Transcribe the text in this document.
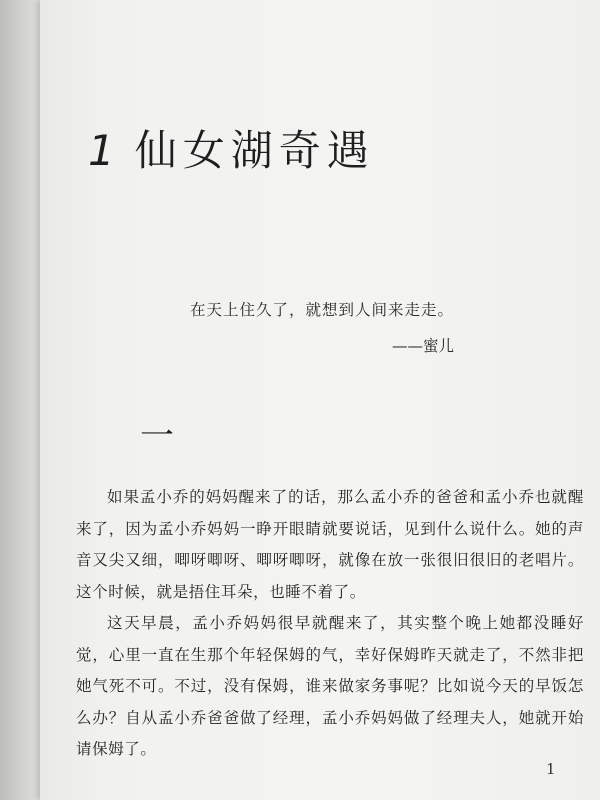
1 仙女湖奇遇
在天上住久了，就想到人间来走走。
——蜜儿
一

如果孟小乔的妈妈醒来了的话，那么孟小乔的爸爸和孟小乔也就醒来了，因为孟小乔妈妈一睁开眼睛就要说话，见到什么说什么。她的声音又尖又细，唧呀唧呀、唧呀唧呀，就像在放一张很旧很旧的老唱片。这个时候，就是捂住耳朵，也睡不着了。

这天早晨，孟小乔妈妈很早就醒来了，其实整个晚上她都没睡好觉，心里一直在生那个年轻保姆的气，幸好保姆昨天就走了，不然非把她气死不可。不过，没有保姆，谁来做家务事呢？比如说今天的早饭怎么办？自从孟小乔爸爸做了经理，孟小乔妈妈做了经理夫人，她就开始请保姆了。

1
